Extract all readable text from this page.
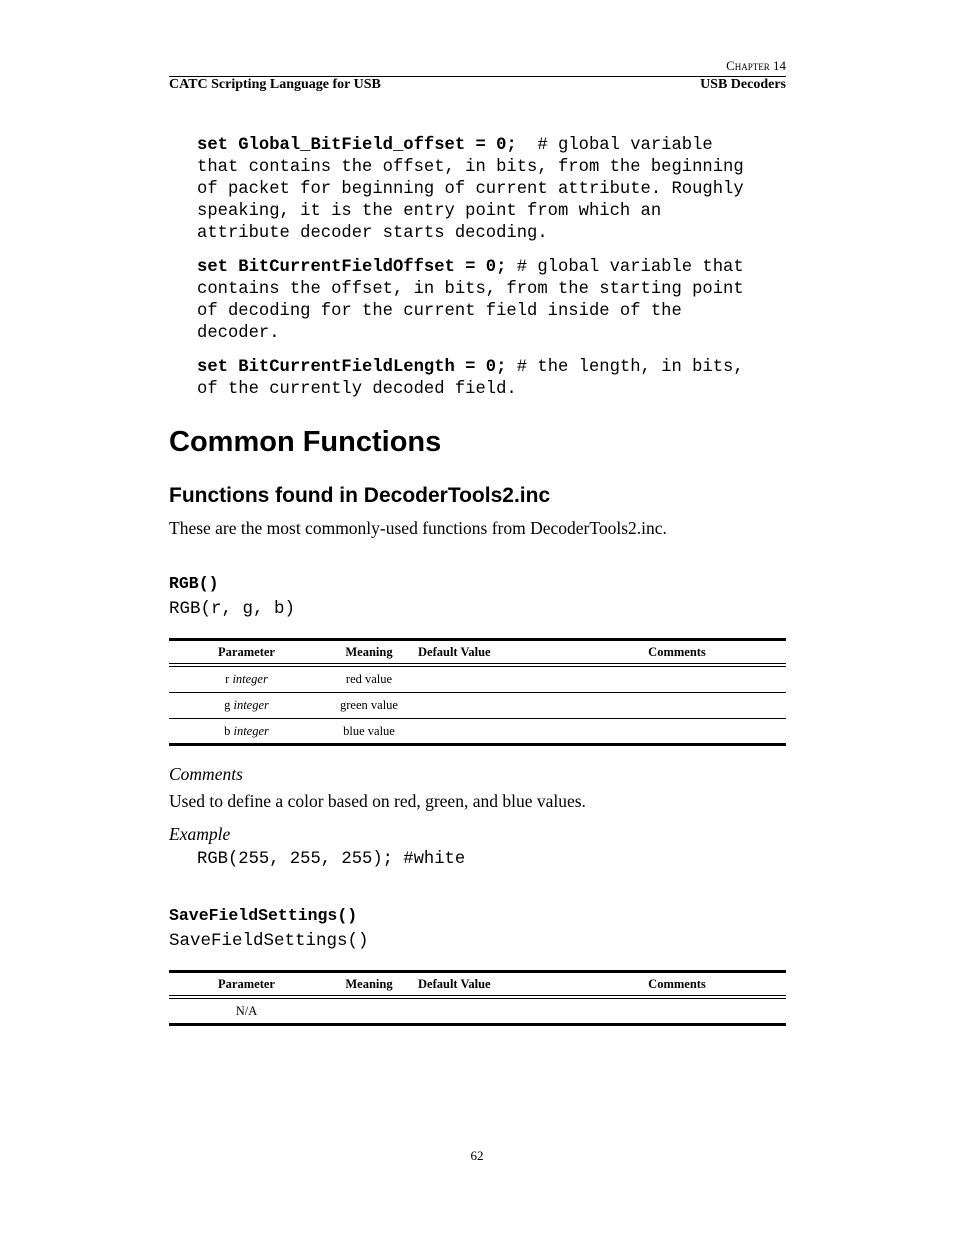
Chapter 14
CATC Scripting Language for USB	USB Decoders
set Global_BitField_offset = 0;  # global variable
that contains the offset, in bits, from the beginning
of packet for beginning of current attribute. Roughly
speaking, it is the entry point from which an
attribute decoder starts decoding.
set BitCurrentFieldOffset = 0; # global variable that
contains the offset, in bits, from the starting point
of decoding for the current field inside of the
decoder.
set BitCurrentFieldLength = 0; # the length, in bits,
of the currently decoded field.
Common Functions
Functions found in DecoderTools2.inc
These are the most commonly-used functions from DecoderTools2.inc.
RGB()
RGB(r, g, b)
Parameter	Meaning	Default Value	Comments
r integer	red value
g integer	green value
b integer	blue value
Comments
Used to define a color based on red, green, and blue values.
Example
RGB(255, 255, 255); #white
SaveFieldSettings()
SaveFieldSettings()
Parameter	Meaning	Default Value	Comments
N/A
62
